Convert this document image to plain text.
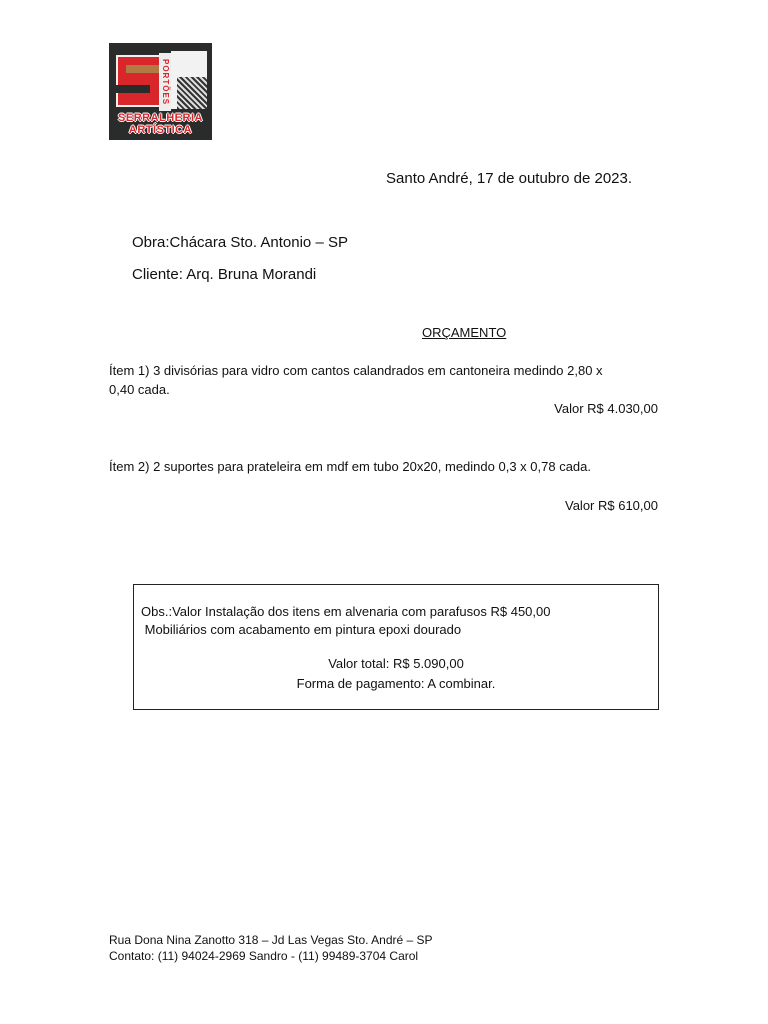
PORTÕES
SERRALHERIA
ARTÍSTICA
Santo André, 17 de outubro de 2023.
Obra:Chácara Sto. Antonio – SP
Cliente: Arq. Bruna Morandi
ORÇAMENTO
Ítem 1) 3 divisórias para vidro com cantos calandrados em cantoneira medindo 2,80 x
0,40 cada.
Valor R$ 4.030,00
Ítem 2) 2 suportes para prateleira em mdf em tubo 20x20, medindo 0,3 x 0,78 cada.
Valor R$ 610,00
Obs.:Valor Instalação dos itens em alvenaria com parafusos R$ 450,00
Mobiliários com acabamento em pintura epoxi dourado
Valor total: R$ 5.090,00
Forma de pagamento: A combinar.
Rua Dona Nina Zanotto 318 – Jd Las Vegas Sto. André – SP
Contato: (11) 94024-2969 Sandro - (11) 99489-3704 Carol
